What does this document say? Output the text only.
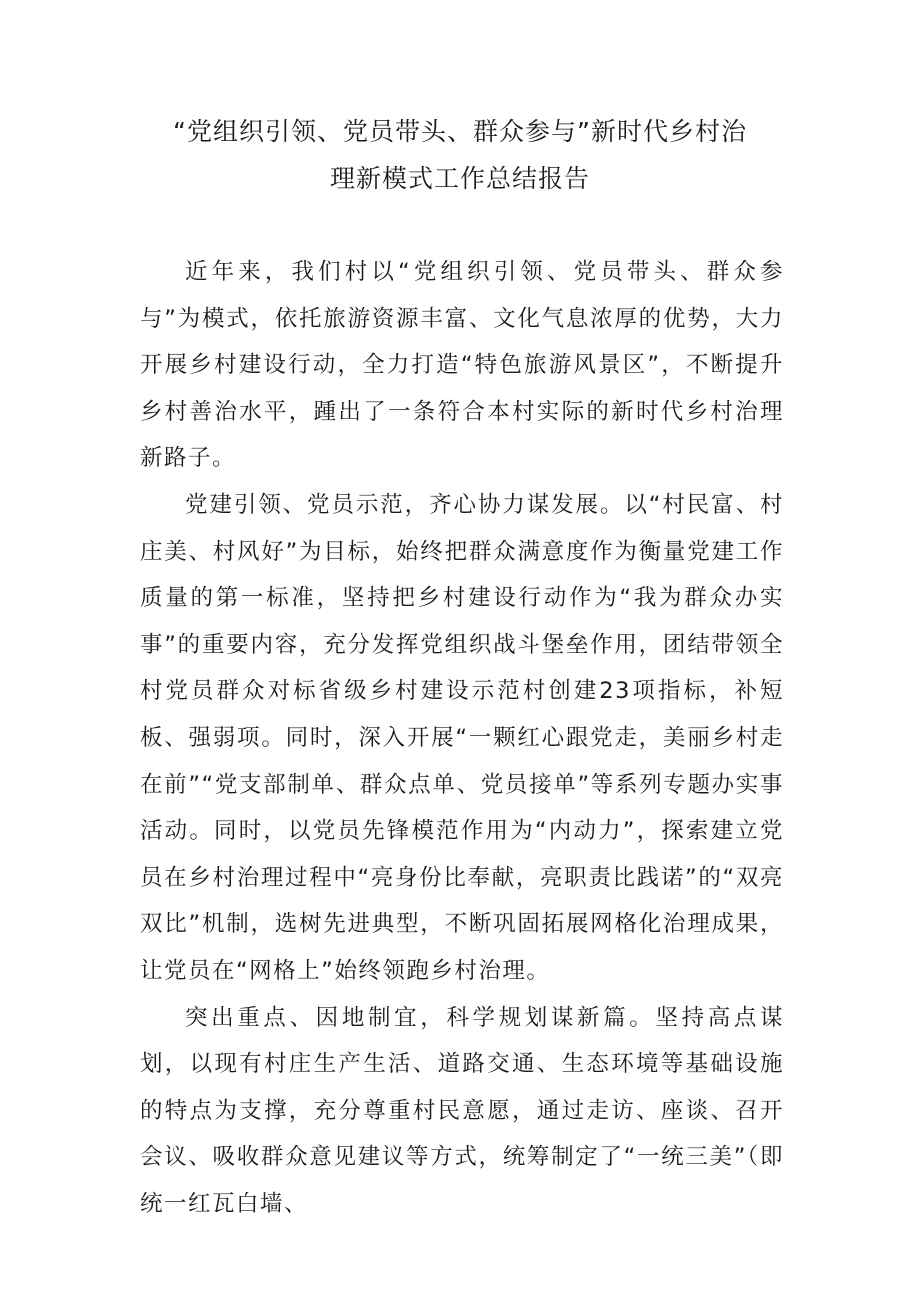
“党组织引领、党员带头、群众参与”新时代乡村治
理新模式工作总结报告

近年来，我们村以“党组织引领、党员带头、群众参与”为模式，依托旅游资源丰富、文化气息浓厚的优势，大力开展乡村建设行动，全力打造“特色旅游风景区”，不断提升乡村善治水平，踵出了一条符合本村实际的新时代乡村治理新路子。

党建引领、党员示范，齐心协力谋发展。以“村民富、村庄美、村风好”为目标，始终把群众满意度作为衡量党建工作质量的第一标准，坚持把乡村建设行动作为“我为群众办实事”的重要内容，充分发挥党组织战斗堡垒作用，团结带领全村党员群众对标省级乡村建设示范村创建23项指标，补短板、强弱项。同时，深入开展“一颗红心跟党走，美丽乡村走在前”“党支部制单、群众点单、党员接单”等系列专题办实事活动。同时，以党员先锋模范作用为“内动力”，探索建立党员在乡村治理过程中“亮身份比奉献，亮职责比践诺”的“双亮双比”机制，选树先进典型，不断巩固拓展网格化治理成果，让党员在“网格上”始终领跑乡村治理。

突出重点、因地制宜，科学规划谋新篇。坚持高点谋划，以现有村庄生产生活、道路交通、生态环境等基础设施的特点为支撑，充分尊重村民意愿，通过走访、座谈、召开会议、吸收群众意见建议等方式，统筹制定了“一统三美”（即统一红瓦白墙、
